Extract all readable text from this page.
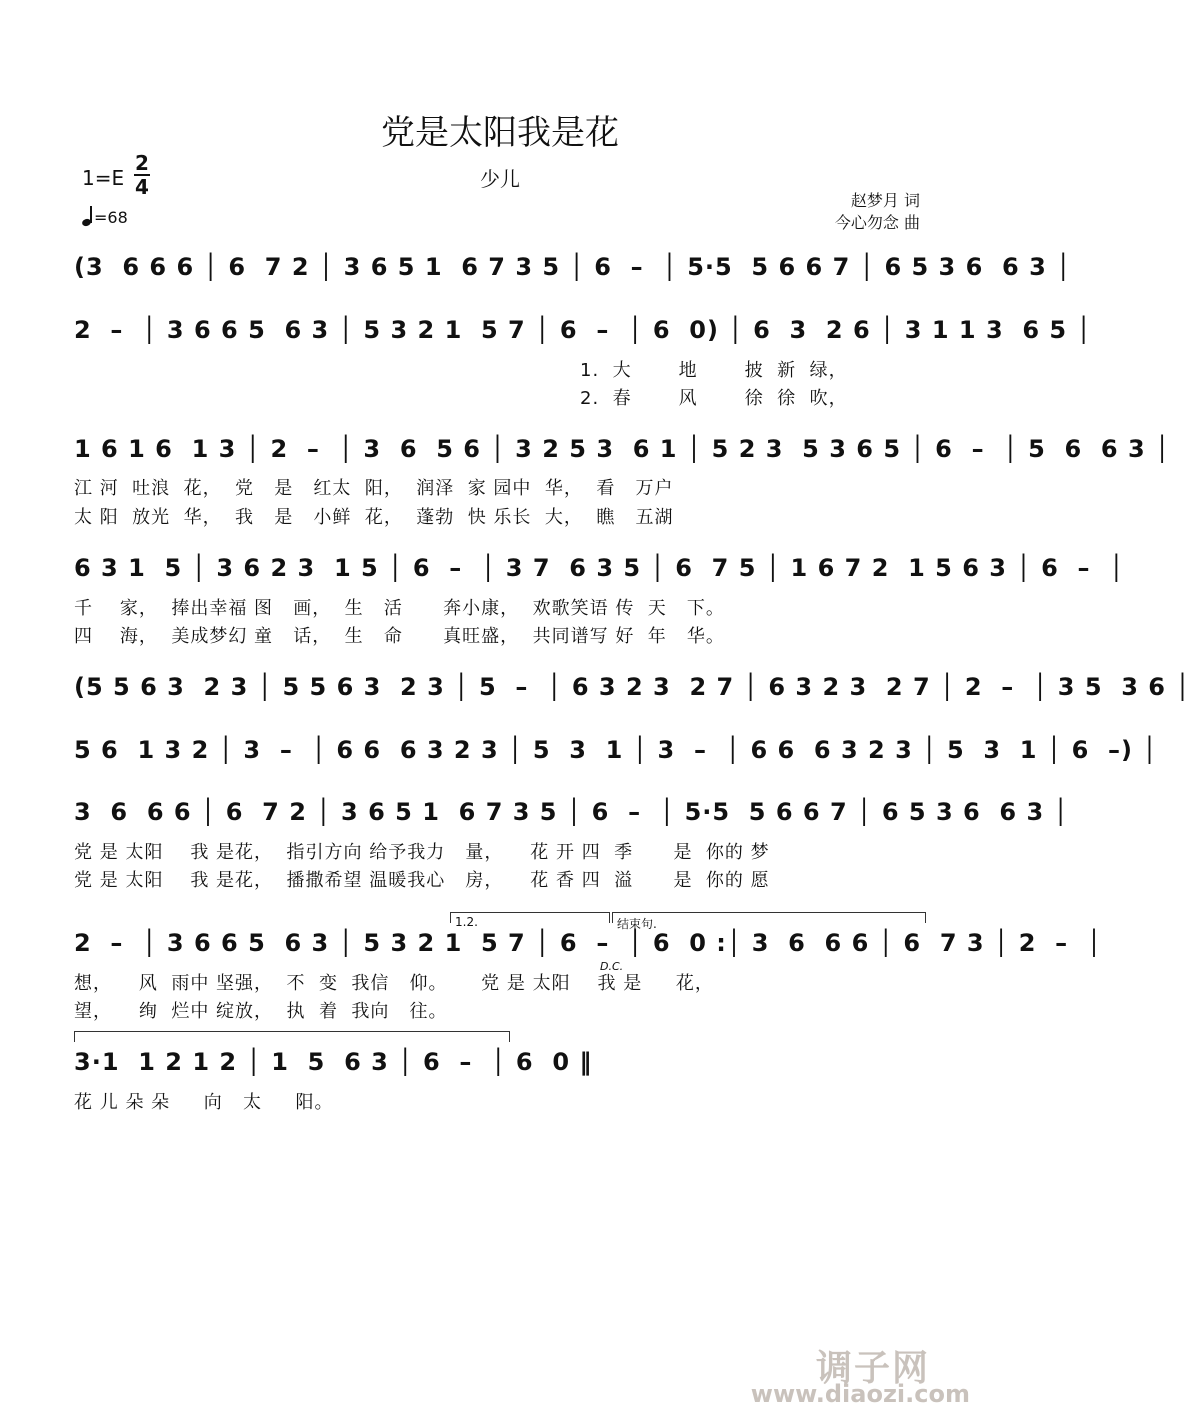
党是太阳我是花
1=E
2
4	少儿
=68
赵梦月 词
今心勿念 曲
(3  6 6 6 │ 6  7 2 │ 3 6 5 1  6 7 3 5 │ 6  –  │ 5·5  5 6 6 7 │ 6 5 3 6  6 3 │
2  –  │ 3 6 6 5  6 3 │ 5 3 2 1  5 7 │ 6  –  │ 6  0) │ 6  3  2 6 │ 3 1 1 3  6 5 │
1.  大       地       披  新  绿，
2.  春       风       徐  徐  吹，
1 6 1 6  1 3 │ 2  –  │ 3  6  5 6 │ 3 2 5 3  6 1 │ 5 2 3  5 3 6 5 │ 6  –  │ 5  6  6 3 │
江 河  吐浪  花，  党   是   红太  阳，  润泽  家 园中  华，  看   万户
太 阳  放光  华，  我   是   小鲜  花，  蓬勃  快 乐长  大，  瞧   五湖
6 3 1  5 │ 3 6 2 3  1 5 │ 6  –  │ 3 7  6 3 5 │ 6  7 5 │ 1 6 7 2  1 5 6 3 │ 6  –  │
千    家，  捧出幸福 图   画，  生   活      奔小康，  欢歌笑语 传  天   下。
四    海，  美成梦幻 童   话，  生   命      真旺盛，  共同谱写 好  年   华。
(5 5 6 3  2 3 │ 5 5 6 3  2 3 │ 5  –  │ 6 3 2 3  2 7 │ 6 3 2 3  2 7 │ 2  –  │ 3 5  3 6 │
5 6  1 3 2 │ 3  –  │ 6 6  6 3 2 3 │ 5  3  1 │ 3  –  │ 6 6  6 3 2 3 │ 5  3  1 │ 6  –) │
3  6  6 6 │ 6  7 2 │ 3 6 5 1  6 7 3 5 │ 6  –  │ 5·5  5 6 6 7 │ 6 5 3 6  6 3 │
党 是 太阳    我 是花，  指引方向 给予我力   量，    花 开 四  季      是  你的 梦
党 是 太阳    我 是花，  播撒希望 温暖我心   房，    花 香 四  溢      是  你的 愿
1.2.	结束句.
2  –  │ 3 6 6 5  6 3 │ 5 3 2 1  5 7 │ 6  –  │ 6  0 :│ 3  6  6 6 │ 6  7 3 │ 2  –  │
D.C.
想，    风  雨中 坚强，  不  变  我信   仰。     党 是 太阳    我 是     花，
望，    绚  烂中 绽放，  执  着  我向   往。
3·1  1 2 1 2 │ 1  5  6 3 │ 6  –  │ 6  0 ‖
花 儿 朵 朵     向   太     阳。
调子网
www.diaozi.com
